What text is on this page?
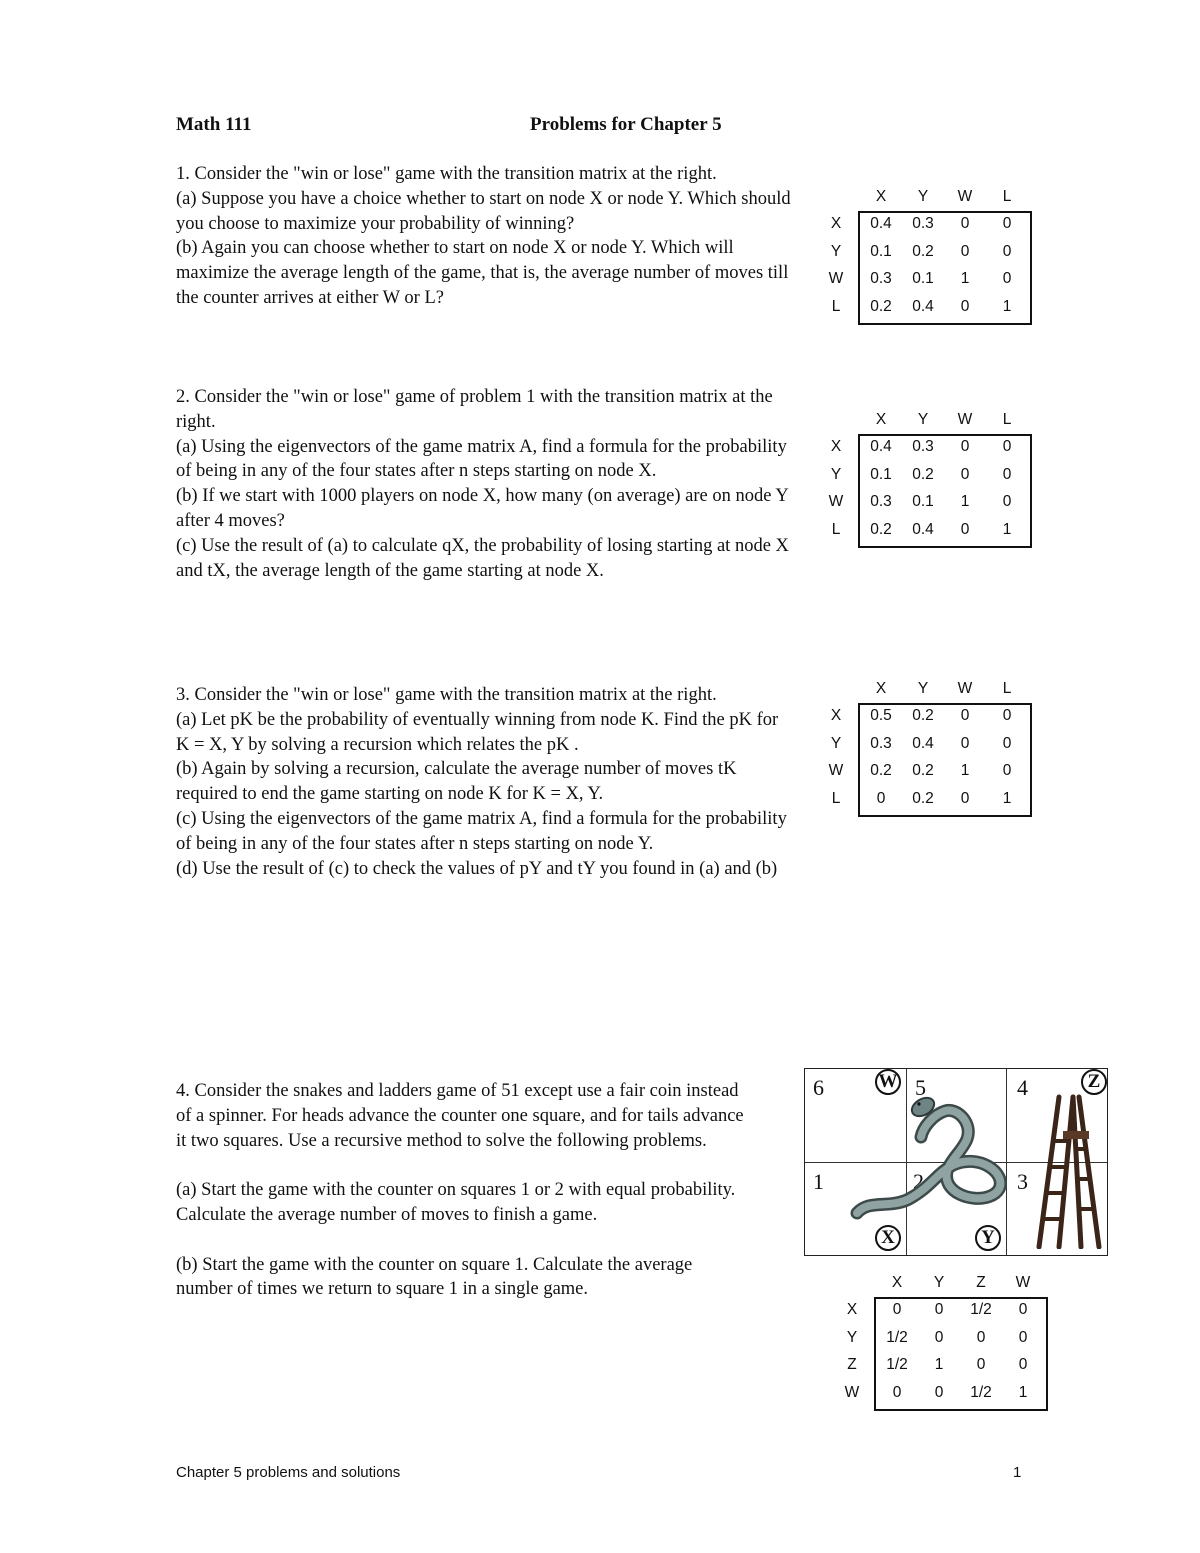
Math 111	Problems for Chapter 5

1. Consider the "win or lose" game with the transition matrix at the right.

(a) Suppose you have a choice whether to start on node X or node Y. Which should you choose to maximize your probability of winning?

(b) Again you can choose whether to start on node X or node Y. Which will maximize the average length of the game, that is, the average number of moves till the counter arrives at either W or L?

2. Consider the "win or lose" game of problem 1 with the transition matrix at the right.

(a) Using the eigenvectors of the game matrix A, find a formula for the probability of being in any of the four states after n steps starting on node X.

(b) If we start with 1000 players on node X, how many (on average) are on node Y after 4 moves?

(c) Use the result of (a) to calculate qX, the probability of losing starting at node X and tX, the average length of the game starting at node X.

3. Consider the "win or lose" game with the transition matrix at the right.

(a) Let pK be the probability of eventually winning from node K. Find the pK for K = X, Y by solving a recursion which relates the pK .

(b) Again by solving a recursion, calculate the average number of moves tK required to end the game starting on node K for K = X, Y.

(c) Using the eigenvectors of the game matrix A, find a formula for the probability of being in any of the four states after n steps starting on node Y.

(d) Use the result of (c) to check the values of pY and tY you found in (a) and (b)

4. Consider the snakes and ladders game of 51 except use a fair coin instead of a spinner. For heads advance the counter one square, and for tails advance it two squares. Use a recursive method to solve the following problems.

(a) Start the game with the counter on squares 1 or 2 with equal probability. Calculate the average number of moves to finish a game.

(b) Start the game with the counter on square 1. Calculate the average number of times we return to square 1 in a single game.

X	Y	W	L
X	0.4	0.3	0	0
Y	0.1	0.2	0	0
W	0.3	0.1	1	0
L	0.2	0.4	0	1
X	Y	W	L
X	0.4	0.3	0	0
Y	0.1	0.2	0	0
W	0.3	0.1	1	0
L	0.2	0.4	0	1
X	Y	W	L
X	0.5	0.2	0	0
Y	0.3	0.4	0	0
W	0.2	0.2	1	0
L	0	0.2	0	1
X	Y	Z	W
X	0	0	1/2	0
Y	1/2	0	0	0
Z	1/2	1	0	0
W	0	0	1/2	1
6	5	4
1	2	3
W	Z
X	Y
Chapter 5 problems and solutions	1
